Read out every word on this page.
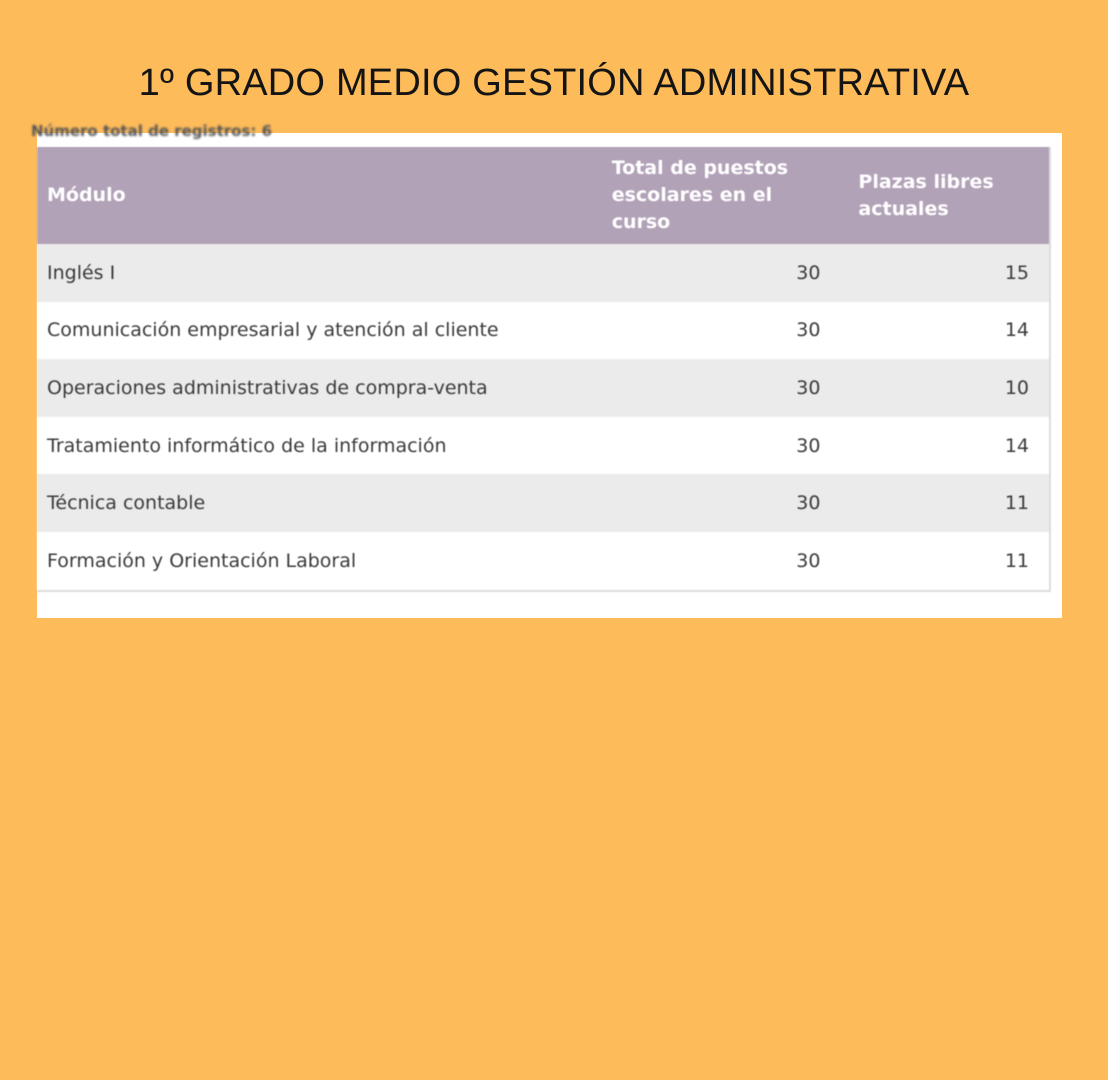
1º GRADO MEDIO GESTIÓN ADMINISTRATIVA
Número total de registros: 6
Módulo	Total de puestos escolares en el curso	Plazas libres actuales
Inglés I	30	15
Comunicación empresarial y atención al cliente	30	14
Operaciones administrativas de compra-venta	30	10
Tratamiento informático de la información	30	14
Técnica contable	30	11
Formación y Orientación Laboral	30	11
